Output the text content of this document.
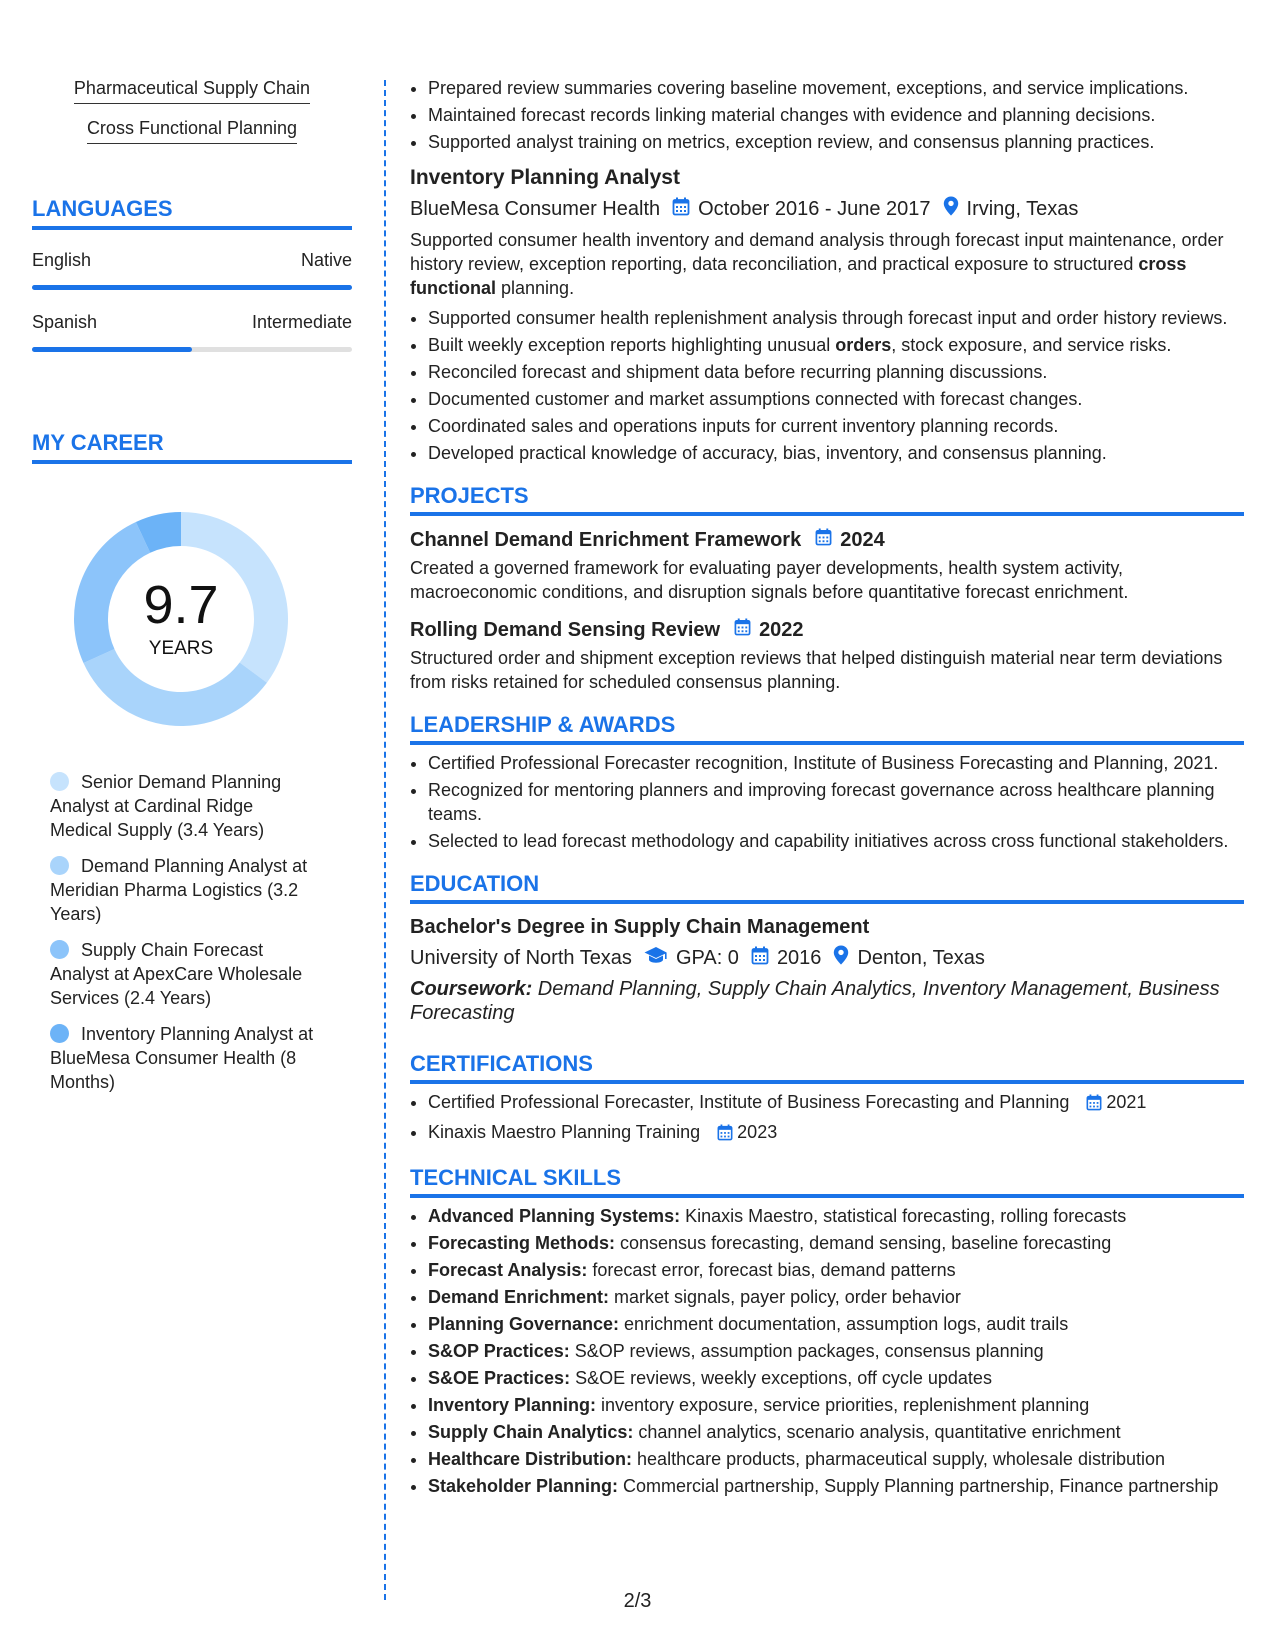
Pharmaceutical Supply Chain
Cross Functional Planning
LANGUAGES
English	Native
Spanish	Intermediate
MY CAREER
9.7
YEARS
Senior Demand Planning Analyst at Cardinal Ridge Medical Supply (3.4 Years)
Demand Planning Analyst at Meridian Pharma Logistics (3.2 Years)
Supply Chain Forecast Analyst at ApexCare Wholesale Services (2.4 Years)
Inventory Planning Analyst at BlueMesa Consumer Health (8 Months)
• Prepared review summaries covering baseline movement, exceptions, and service implications.
• Maintained forecast records linking material changes with evidence and planning decisions.
• Supported analyst training on metrics, exception review, and consensus planning practices.
Inventory Planning Analyst
BlueMesa Consumer Health October 2016 - June 2017 Irving, Texas

Supported consumer health inventory and demand analysis through forecast input maintenance, order history review, exception reporting, data reconciliation, and practical exposure to structured cross functional planning.

• Supported consumer health replenishment analysis through forecast input and order history reviews.
• Built weekly exception reports highlighting unusual orders, stock exposure, and service risks.
• Reconciled forecast and shipment data before recurring planning discussions.
• Documented customer and market assumptions connected with forecast changes.
• Coordinated sales and operations inputs for current inventory planning records.
• Developed practical knowledge of accuracy, bias, inventory, and consensus planning.
PROJECTS
Channel Demand Enrichment Framework 2024

Created a governed framework for evaluating payer developments, health system activity, macroeconomic conditions, and disruption signals before quantitative forecast enrichment.

Rolling Demand Sensing Review 2022

Structured order and shipment exception reviews that helped distinguish material near term deviations from risks retained for scheduled consensus planning.

LEADERSHIP & AWARDS
• Certified Professional Forecaster recognition, Institute of Business Forecasting and Planning, 2021.
• Recognized for mentoring planners and improving forecast governance across healthcare planning teams.
• Selected to lead forecast methodology and capability initiatives across cross functional stakeholders.
EDUCATION
Bachelor's Degree in Supply Chain Management
University of North Texas GPA: 0 2016 Denton, Texas
Coursework: Demand Planning, Supply Chain Analytics, Inventory Management, Business Forecasting
CERTIFICATIONS
• Certified Professional Forecaster, Institute of Business Forecasting and Planning 2021
• Kinaxis Maestro Planning Training 2023
TECHNICAL SKILLS
• Advanced Planning Systems: Kinaxis Maestro, statistical forecasting, rolling forecasts
• Forecasting Methods: consensus forecasting, demand sensing, baseline forecasting
• Forecast Analysis: forecast error, forecast bias, demand patterns
• Demand Enrichment: market signals, payer policy, order behavior
• Planning Governance: enrichment documentation, assumption logs, audit trails
• S&OP Practices: S&OP reviews, assumption packages, consensus planning
• S&OE Practices: S&OE reviews, weekly exceptions, off cycle updates
• Inventory Planning: inventory exposure, service priorities, replenishment planning
• Supply Chain Analytics: channel analytics, scenario analysis, quantitative enrichment
• Healthcare Distribution: healthcare products, pharmaceutical supply, wholesale distribution
• Stakeholder Planning: Commercial partnership, Supply Planning partnership, Finance partnership
2/3
